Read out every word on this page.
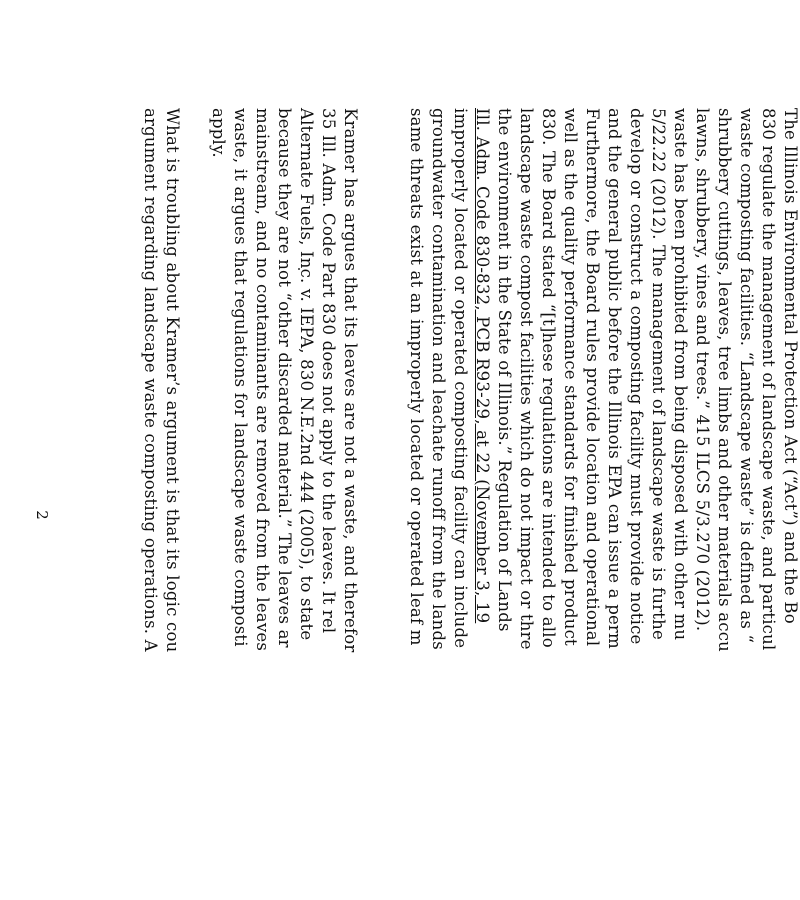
The Illinois Environmental Protection Act (“Act”) and the Bo
830 regulate the management of landscape waste, and particul
waste composting facilities. “Landscape waste” is defined as “
shrubbery cuttings, leaves, tree limbs and other materials accu
lawns, shrubbery, vines and trees.” 415 ILCS 5/3.270 (2012).
waste has been prohibited from being disposed with other mu
5/22.22 (2012). The management of landscape waste is furthe
develop or construct a composting facility must provide notice
and the general public before the Illinois EPA can issue a perm
Furthermore, the Board rules provide location and operational
well as the quality performance standards for finished product
830. The Board stated “[t]hese regulations are intended to allo
landscape waste compost facilities which do not impact or thre
the environment in the State of Illinois.” Regulation of Lands
Ill. Adm. Code 830-832, PCB R93-29, at 22 (November 3, 19
improperly located or operated composting facility can include
groundwater contamination and leachate runoff from the lands
same threats exist at an improperly located or operated leaf m
Kramer has argues that its leaves are not a waste, and therefor
35 Ill. Adm. Code Part 830 does not apply to the leaves. It rel
Alternate Fuels, Inc. v. IEPA, 830 N.E.2nd 444 (2005), to state
because they are not “other discarded material.” The leaves ar
mainstream, and no contaminants are removed from the leaves
waste, it argues that regulations for landscape waste composti
apply.
What is troubling about Kramer’s argument is that its logic cou
argument regarding landscape waste composting operations. A
2
